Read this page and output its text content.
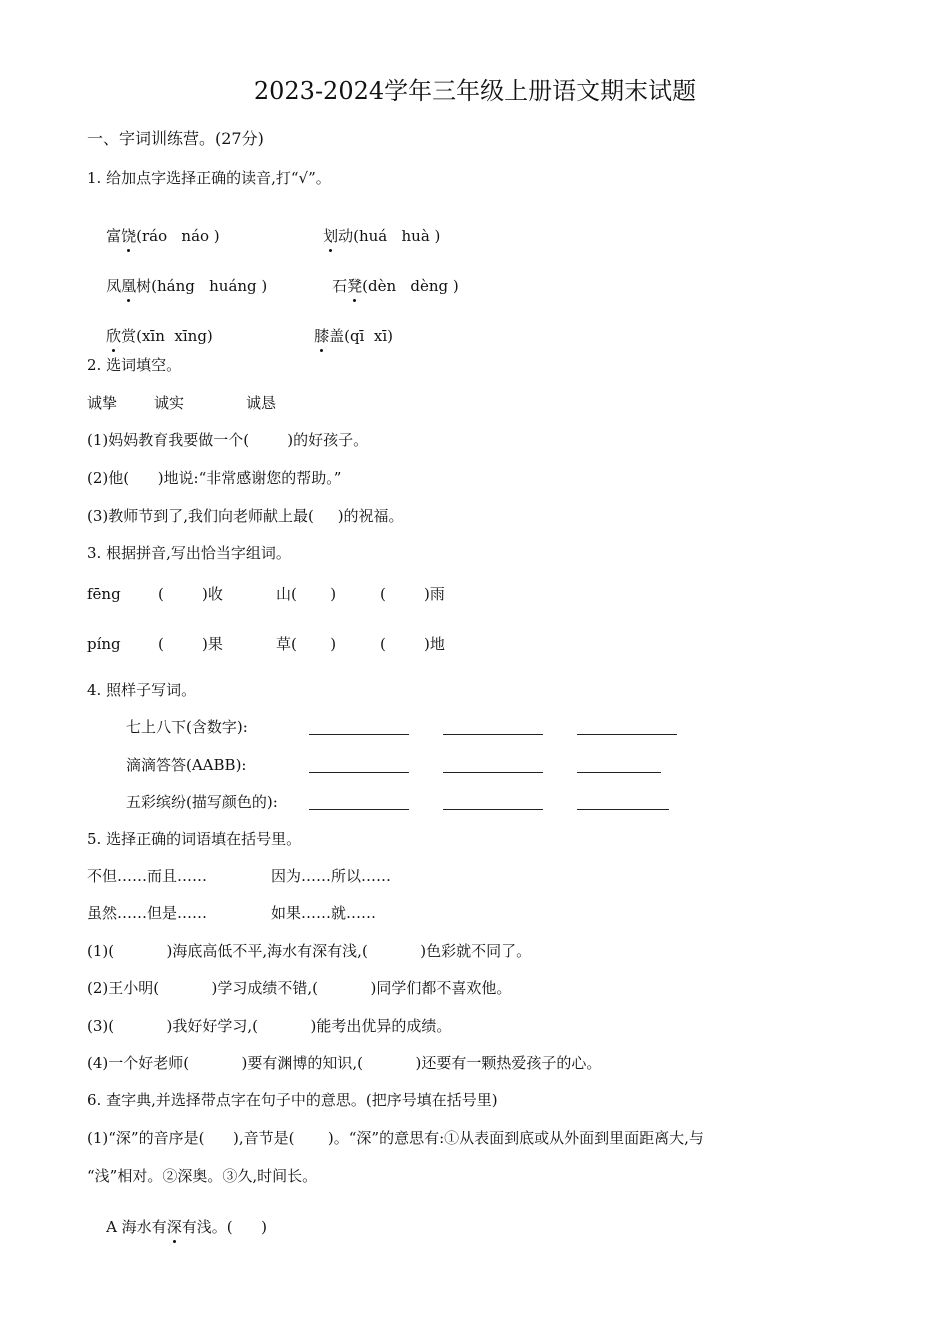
2023-2024学年三年级上册语文期末试题
一、字词训练营。(27分)
1. 给加点字选择正确的读音,打“√”。

富饶(ráo   náo )
	划动(huá   huà )

凤凰树(háng   huáng )
	石凳(dèn   dèng )

欣赏(xīn  xīng)
	膝盖(qī  xī)

2. 选词填空。
诚挚 诚实	诚恳
(1)妈妈教育我要做一个(        )的好孩子。
(2)他(      )地说:“非常感谢您的帮助。”
(3)教师节到了,我们向老师献上最(     )的祝福。
3. 根据拼音,写出恰当字组词。
fēng (        )收	山(       )	(        )雨
píng (        )果	草(       )	(        )地
4. 照样子写词。
七上八下(含数字):
滴滴答答(AABB):
五彩缤纷(描写颜色的):
5. 选择正确的词语填在括号里。
不但……而且……	因为……所以……
虽然……但是……	如果……就……
(1)(           )海底高低不平,海水有深有浅,(           )色彩就不同了。
(2)王小明(           )学习成绩不错,(           )同学们都不喜欢他。
(3)(           )我好好学习,(           )能考出优异的成绩。
(4)一个好老师(           )要有渊博的知识,(           )还要有一颗热爱孩子的心。
6. 查字典,并选择带点字在句子中的意思。(把序号填在括号里)
(1)“深”的音序是(      ),音节是(       )。“深”的意思有:①从表面到底或从外面到里面距离大,与
“浅”相对。②深奥。③久,时间长。

A 海水有深有浅。(      )
